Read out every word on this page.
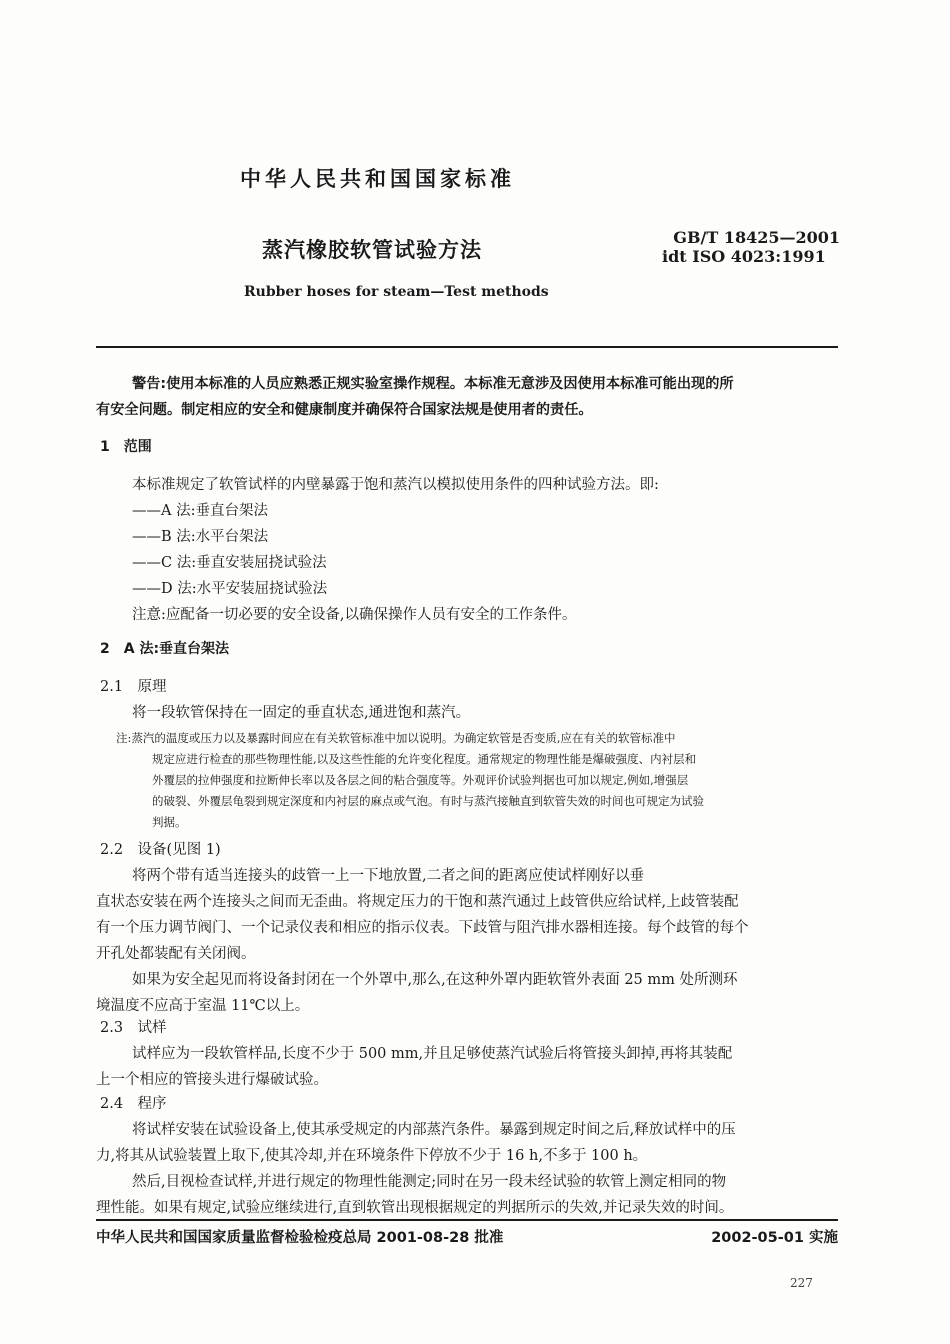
中华人民共和国国家标准
蒸汽橡胶软管试验方法
GB/T 18425—2001
idt ISO 4023:1991
Rubber hoses for steam—Test methods

警告:使用本标准的人员应熟悉正规实验室操作规程。本标准无意涉及因使用本标准可能出现的所

有安全问题。制定相应的安全和健康制度并确保符合国家法规是使用者的责任。

1　范围

本标准规定了软管试样的内壁暴露于饱和蒸汽以模拟使用条件的四种试验方法。即:

——A 法:垂直台架法

——B 法:水平台架法

——C 法:垂直安装屈挠试验法

——D 法:水平安装屈挠试验法

注意:应配备一切必要的安全设备,以确保操作人员有安全的工作条件。

2　A 法:垂直台架法
2.1　原理
将一段软管保持在一固定的垂直状态,通进饱和蒸汽。

注:蒸汽的温度或压力以及暴露时间应在有关软管标准中加以说明。为确定软管是否变质,应在有关的软管标准中

规定应进行检查的那些物理性能,以及这些性能的允许变化程度。通常规定的物理性能是爆破强度、内衬层和

外覆层的拉伸强度和拉断伸长率以及各层之间的粘合强度等。外观评价试验判据也可加以规定,例如,增强层

的破裂、外覆层龟裂到规定深度和内衬层的麻点或气泡。有时与蒸汽接触直到软管失效的时间也可规定为试验

判据。

2.2　设备(见图 1)

将两个带有适当连接头的歧管一上一下地放置,二者之间的距离应使试样刚好以垂

直状态安装在两个连接头之间而无歪曲。将规定压力的干饱和蒸汽通过上歧管供应给试样,上歧管装配

有一个压力调节阀门、一个记录仪表和相应的指示仪表。下歧管与阻汽排水器相连接。每个歧管的每个

开孔处都装配有关闭阀。

如果为安全起见而将设备封闭在一个外罩中,那么,在这种外罩内距软管外表面 25 mm 处所测环

境温度不应高于室温 11℃以上。

2.3　试样

试样应为一段软管样品,长度不少于 500 mm,并且足够使蒸汽试验后将管接头卸掉,再将其装配

上一个相应的管接头进行爆破试验。

2.4　程序

将试样安装在试验设备上,使其承受规定的内部蒸汽条件。暴露到规定时间之后,释放试样中的压

力,将其从试验装置上取下,使其冷却,并在环境条件下停放不少于 16 h,不多于 100 h。

然后,目视检查试样,并进行规定的物理性能测定;同时在另一段未经试验的软管上测定相同的物

理性能。如果有规定,试验应继续进行,直到软管出现根据规定的判据所示的失效,并记录失效的时间。

中华人民共和国国家质量监督检验检疫总局 2001-08-28 批准	2002-05-01 实施
227
